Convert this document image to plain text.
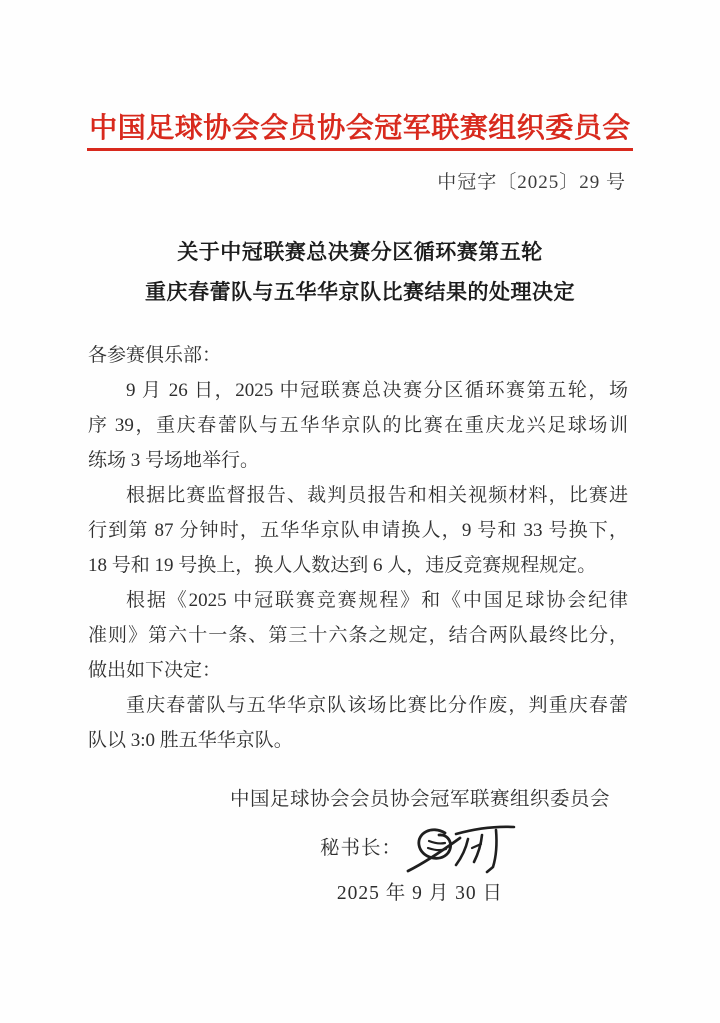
中国足球协会会员协会冠军联赛组织委员会
中冠字〔2025〕29 号
关于中冠联赛总决赛分区循环赛第五轮
重庆春蕾队与五华华京队比赛结果的处理决定
各参赛俱乐部：
9 月 26 日，2025 中冠联赛总决赛分区循环赛第五轮，场
序 39，重庆春蕾队与五华华京队的比赛在重庆龙兴足球场训
练场 3 号场地举行。
根据比赛监督报告、裁判员报告和相关视频材料，比赛进
行到第 87 分钟时，五华华京队申请换人，9 号和 33 号换下，
18 号和 19 号换上，换人人数达到 6 人，违反竞赛规程规定。
根据《2025 中冠联赛竞赛规程》和《中国足球协会纪律
准则》第六十一条、第三十六条之规定，结合两队最终比分，
做出如下决定：
重庆春蕾队与五华华京队该场比赛比分作废，判重庆春蕾
队以 3:0 胜五华华京队。
中国足球协会会员协会冠军联赛组织委员会
秘书长：
2025 年 9 月 30 日
